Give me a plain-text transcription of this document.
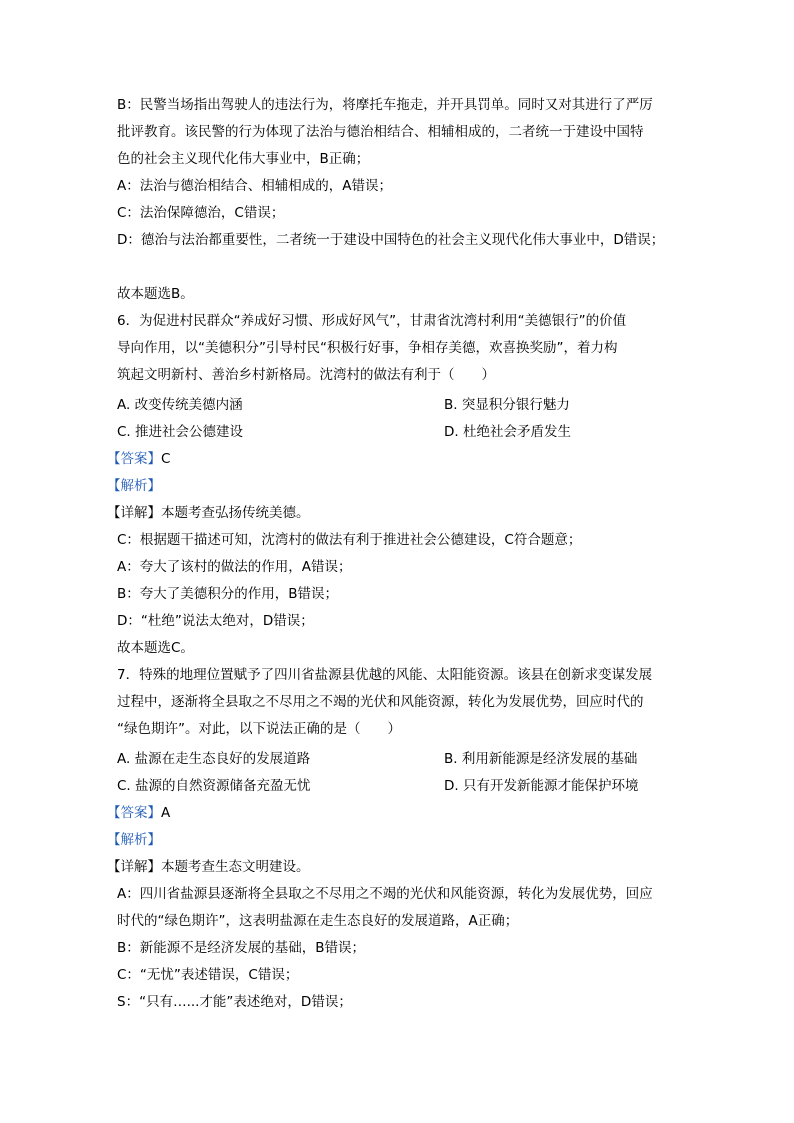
B：民警当场指出驾驶人的违法行为，将摩托车拖走，并开具罚单。同时又对其进行了严厉
批评教育。该民警的行为体现了法治与德治相结合、相辅相成的，二者统一于建设中国特
色的社会主义现代化伟大事业中，B正确；
A：法治与德治相结合、相辅相成的，A错误；
C：法治保障德治，C错误；
D：德治与法治都重要性，二者统一于建设中国特色的社会主义现代化伟大事业中，D错误；
故本题选B。
6．为促进村民群众“养成好习惯、形成好风气”，甘肃省沈湾村利用“美德银行”的价值
导向作用，以“美德积分”引导村民“积极行好事，争相存美德，欢喜换奖励”，着力构
筑起文明新村、善治乡村新格局。沈湾村的做法有利于（　　）
A. 改变传统美德内涵	B. 突显积分银行魅力
C. 推进社会公德建设	D. 杜绝社会矛盾发生
【答案】C
【解析】
【详解】本题考查弘扬传统美德。
C：根据题干描述可知，沈湾村的做法有利于推进社会公德建设，C符合题意；
A：夸大了该村的做法的作用，A错误；
B：夸大了美德积分的作用，B错误；
D：“杜绝”说法太绝对，D错误；
故本题选C。
7．特殊的地理位置赋予了四川省盐源县优越的风能、太阳能资源。该县在创新求变谋发展
过程中，逐渐将全县取之不尽用之不竭的光伏和风能资源，转化为发展优势，回应时代的
“绿色期许”。对此，以下说法正确的是（　　）
A. 盐源在走生态良好的发展道路	B. 利用新能源是经济发展的基础
C. 盐源的自然资源储备充盈无忧	D. 只有开发新能源才能保护环境
【答案】A
【解析】
【详解】本题考查生态文明建设。
A：四川省盐源县逐渐将全县取之不尽用之不竭的光伏和风能资源，转化为发展优势，回应
时代的“绿色期许”，这表明盐源在走生态良好的发展道路，A正确；
B：新能源不是经济发展的基础，B错误；
C：“无忧”表述错误，C错误；
S：“只有…...才能”表述绝对，D错误；
